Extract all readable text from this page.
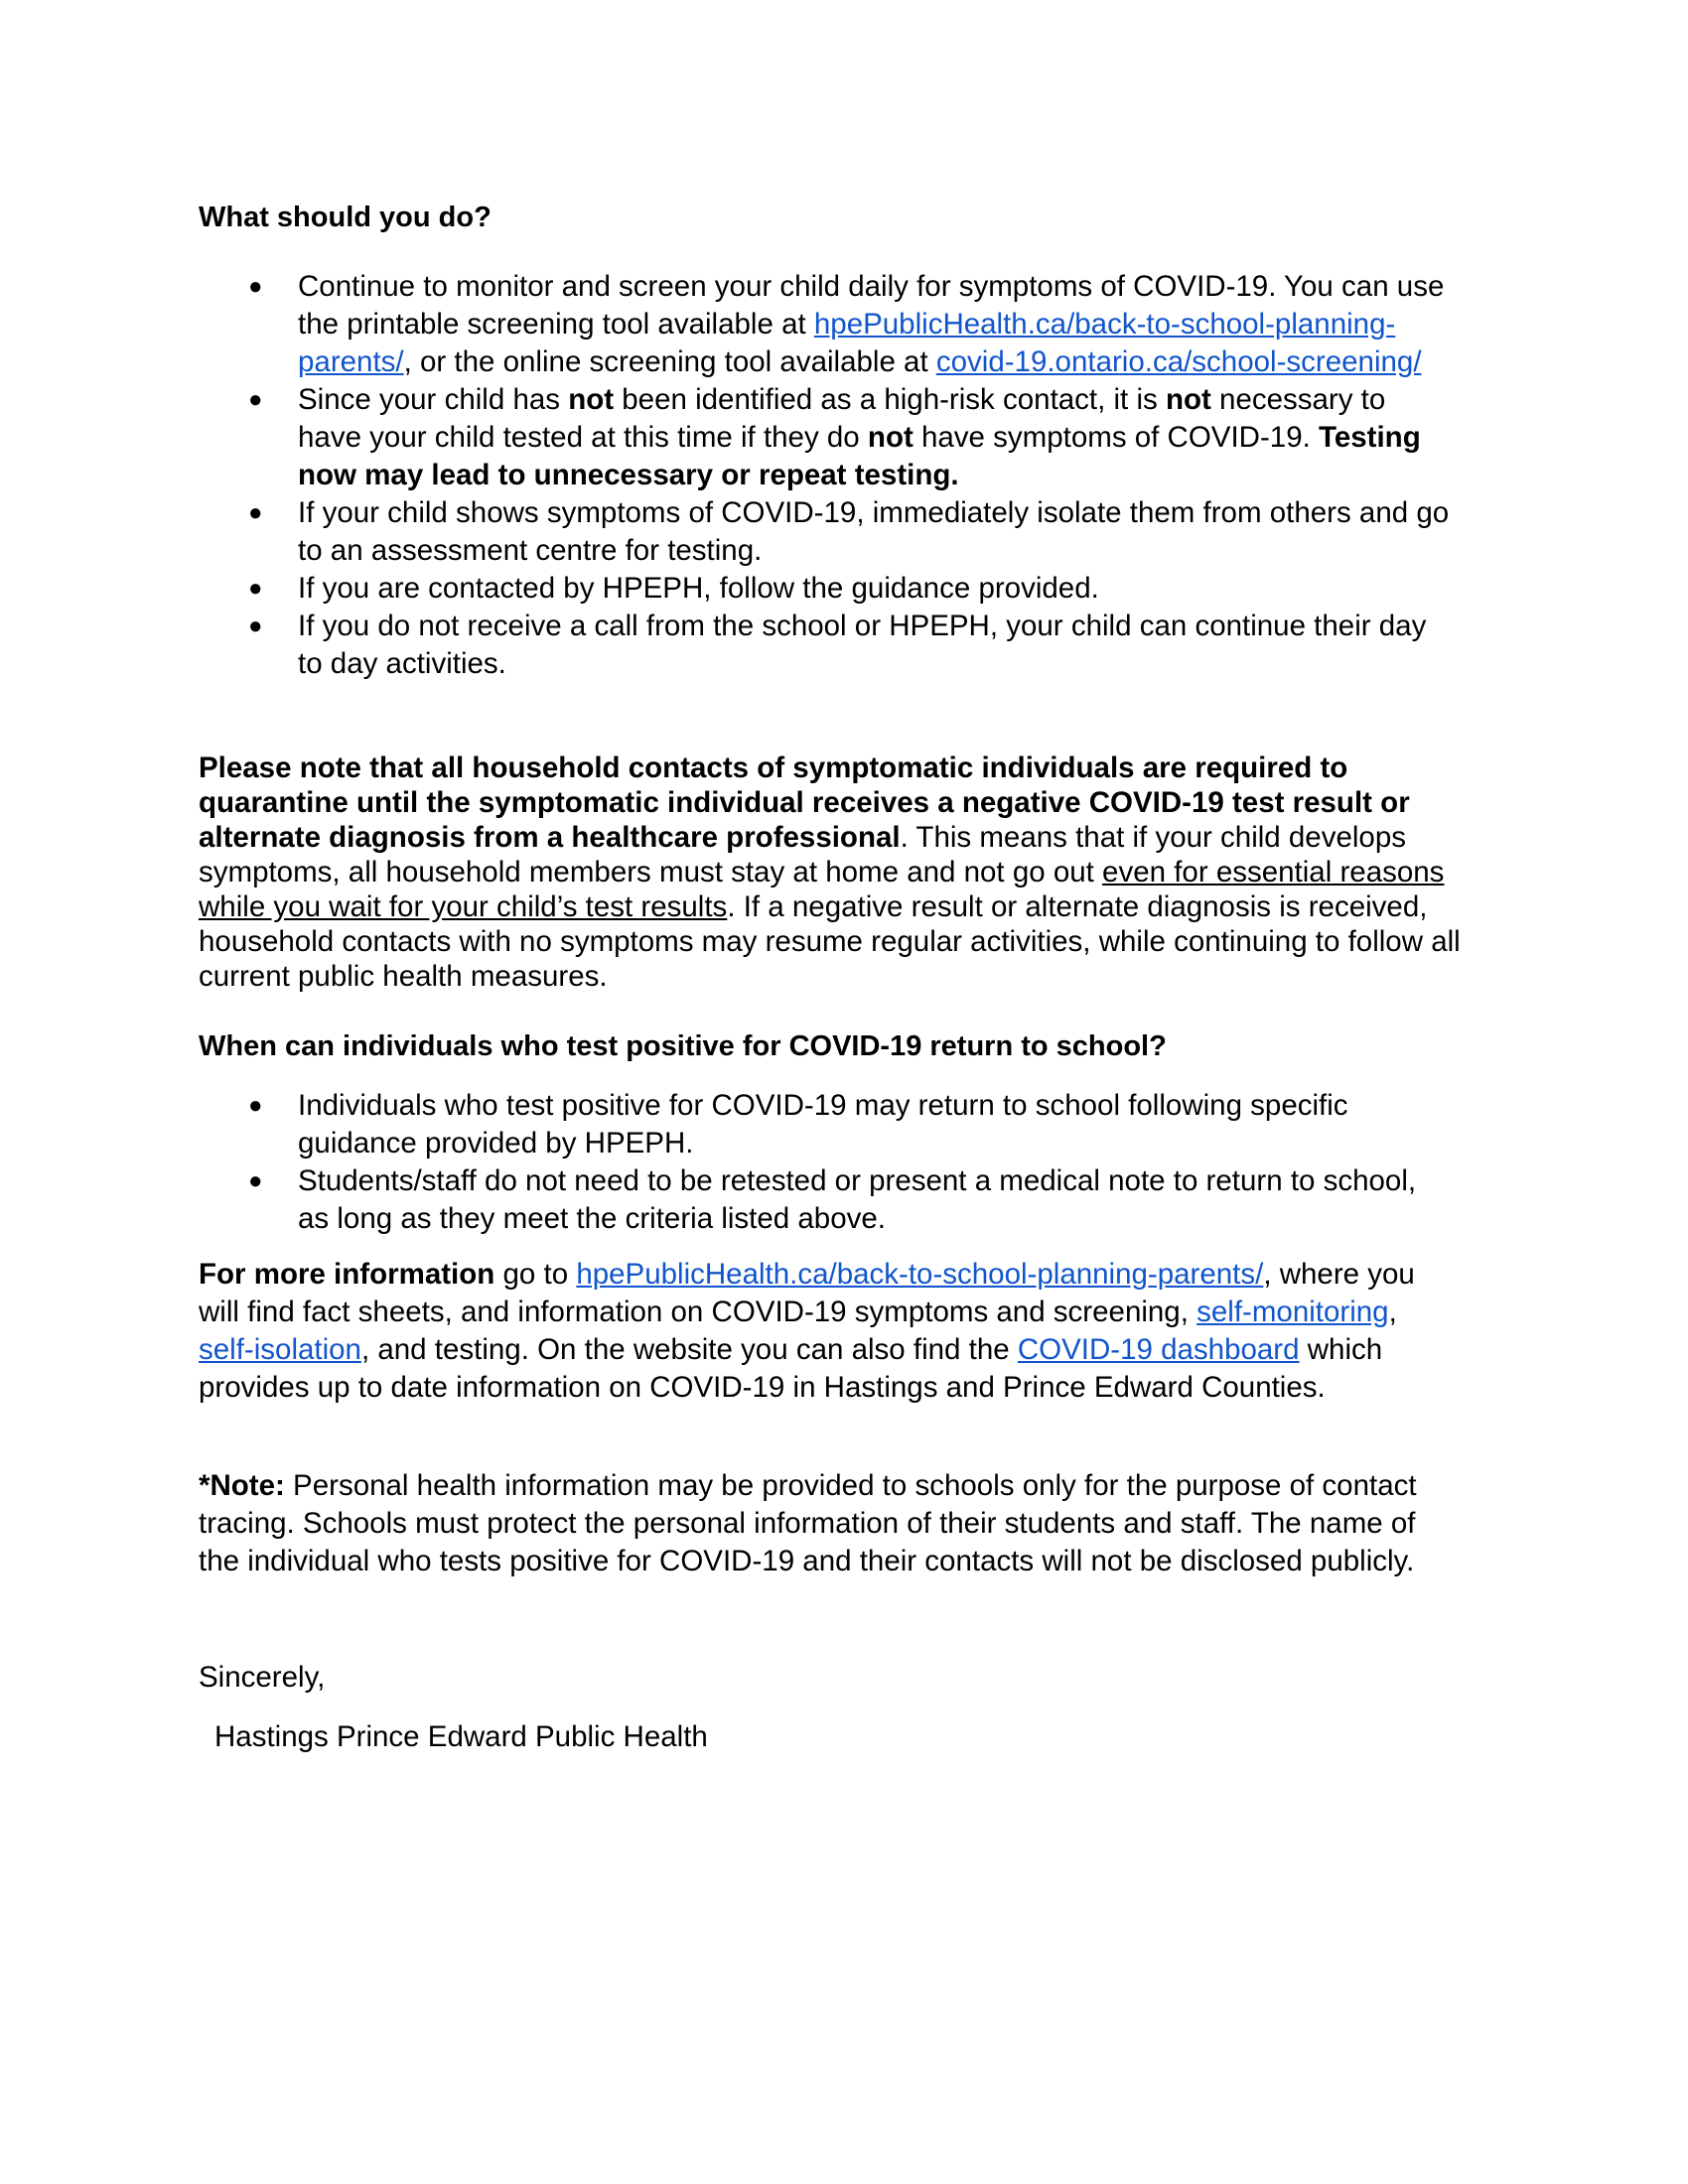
What should you do?
● Continue to monitor and screen your child daily for symptoms of COVID-19. You can use the printable screening tool available at hpePublicHealth.ca/back-to-school-planning-parents/, or the online screening tool available at covid-19.ontario.ca/school-screening/
● Since your child has not been identified as a high-risk contact, it is not necessary to have your child tested at this time if they do not have symptoms of COVID-19. Testing now may lead to unnecessary or repeat testing.
● If your child shows symptoms of COVID-19, immediately isolate them from others and go to an assessment centre for testing.
● If you are contacted by HPEPH, follow the guidance provided.
● If you do not receive a call from the school or HPEPH, your child can continue their day to day activities.

Please note that all household contacts of symptomatic individuals are required to quarantine until the symptomatic individual receives a negative COVID-19 test result or alternate diagnosis from a healthcare professional. This means that if your child develops symptoms, all household members must stay at home and not go out even for essential reasons while you wait for your child’s test results. If a negative result or alternate diagnosis is received, household contacts with no symptoms may resume regular activities, while continuing to follow all current public health measures.

When can individuals who test positive for COVID-19 return to school?
● Individuals who test positive for COVID-19 may return to school following specific guidance provided by HPEPH.
● Students/staff do not need to be retested or present a medical note to return to school, as long as they meet the criteria listed above.

For more information go to hpePublicHealth.ca/back-to-school-planning-parents/, where you will find fact sheets, and information on COVID-19 symptoms and screening, self-monitoring, self-isolation, and testing. On the website you can also find the COVID-19 dashboard which provides up to date information on COVID-19 in Hastings and Prince Edward Counties.

*Note: Personal health information may be provided to schools only for the purpose of contact tracing. Schools must protect the personal information of their students and staff. The name of the individual who tests positive for COVID-19 and their contacts will not be disclosed publicly.

Sincerely,
Hastings Prince Edward Public Health
